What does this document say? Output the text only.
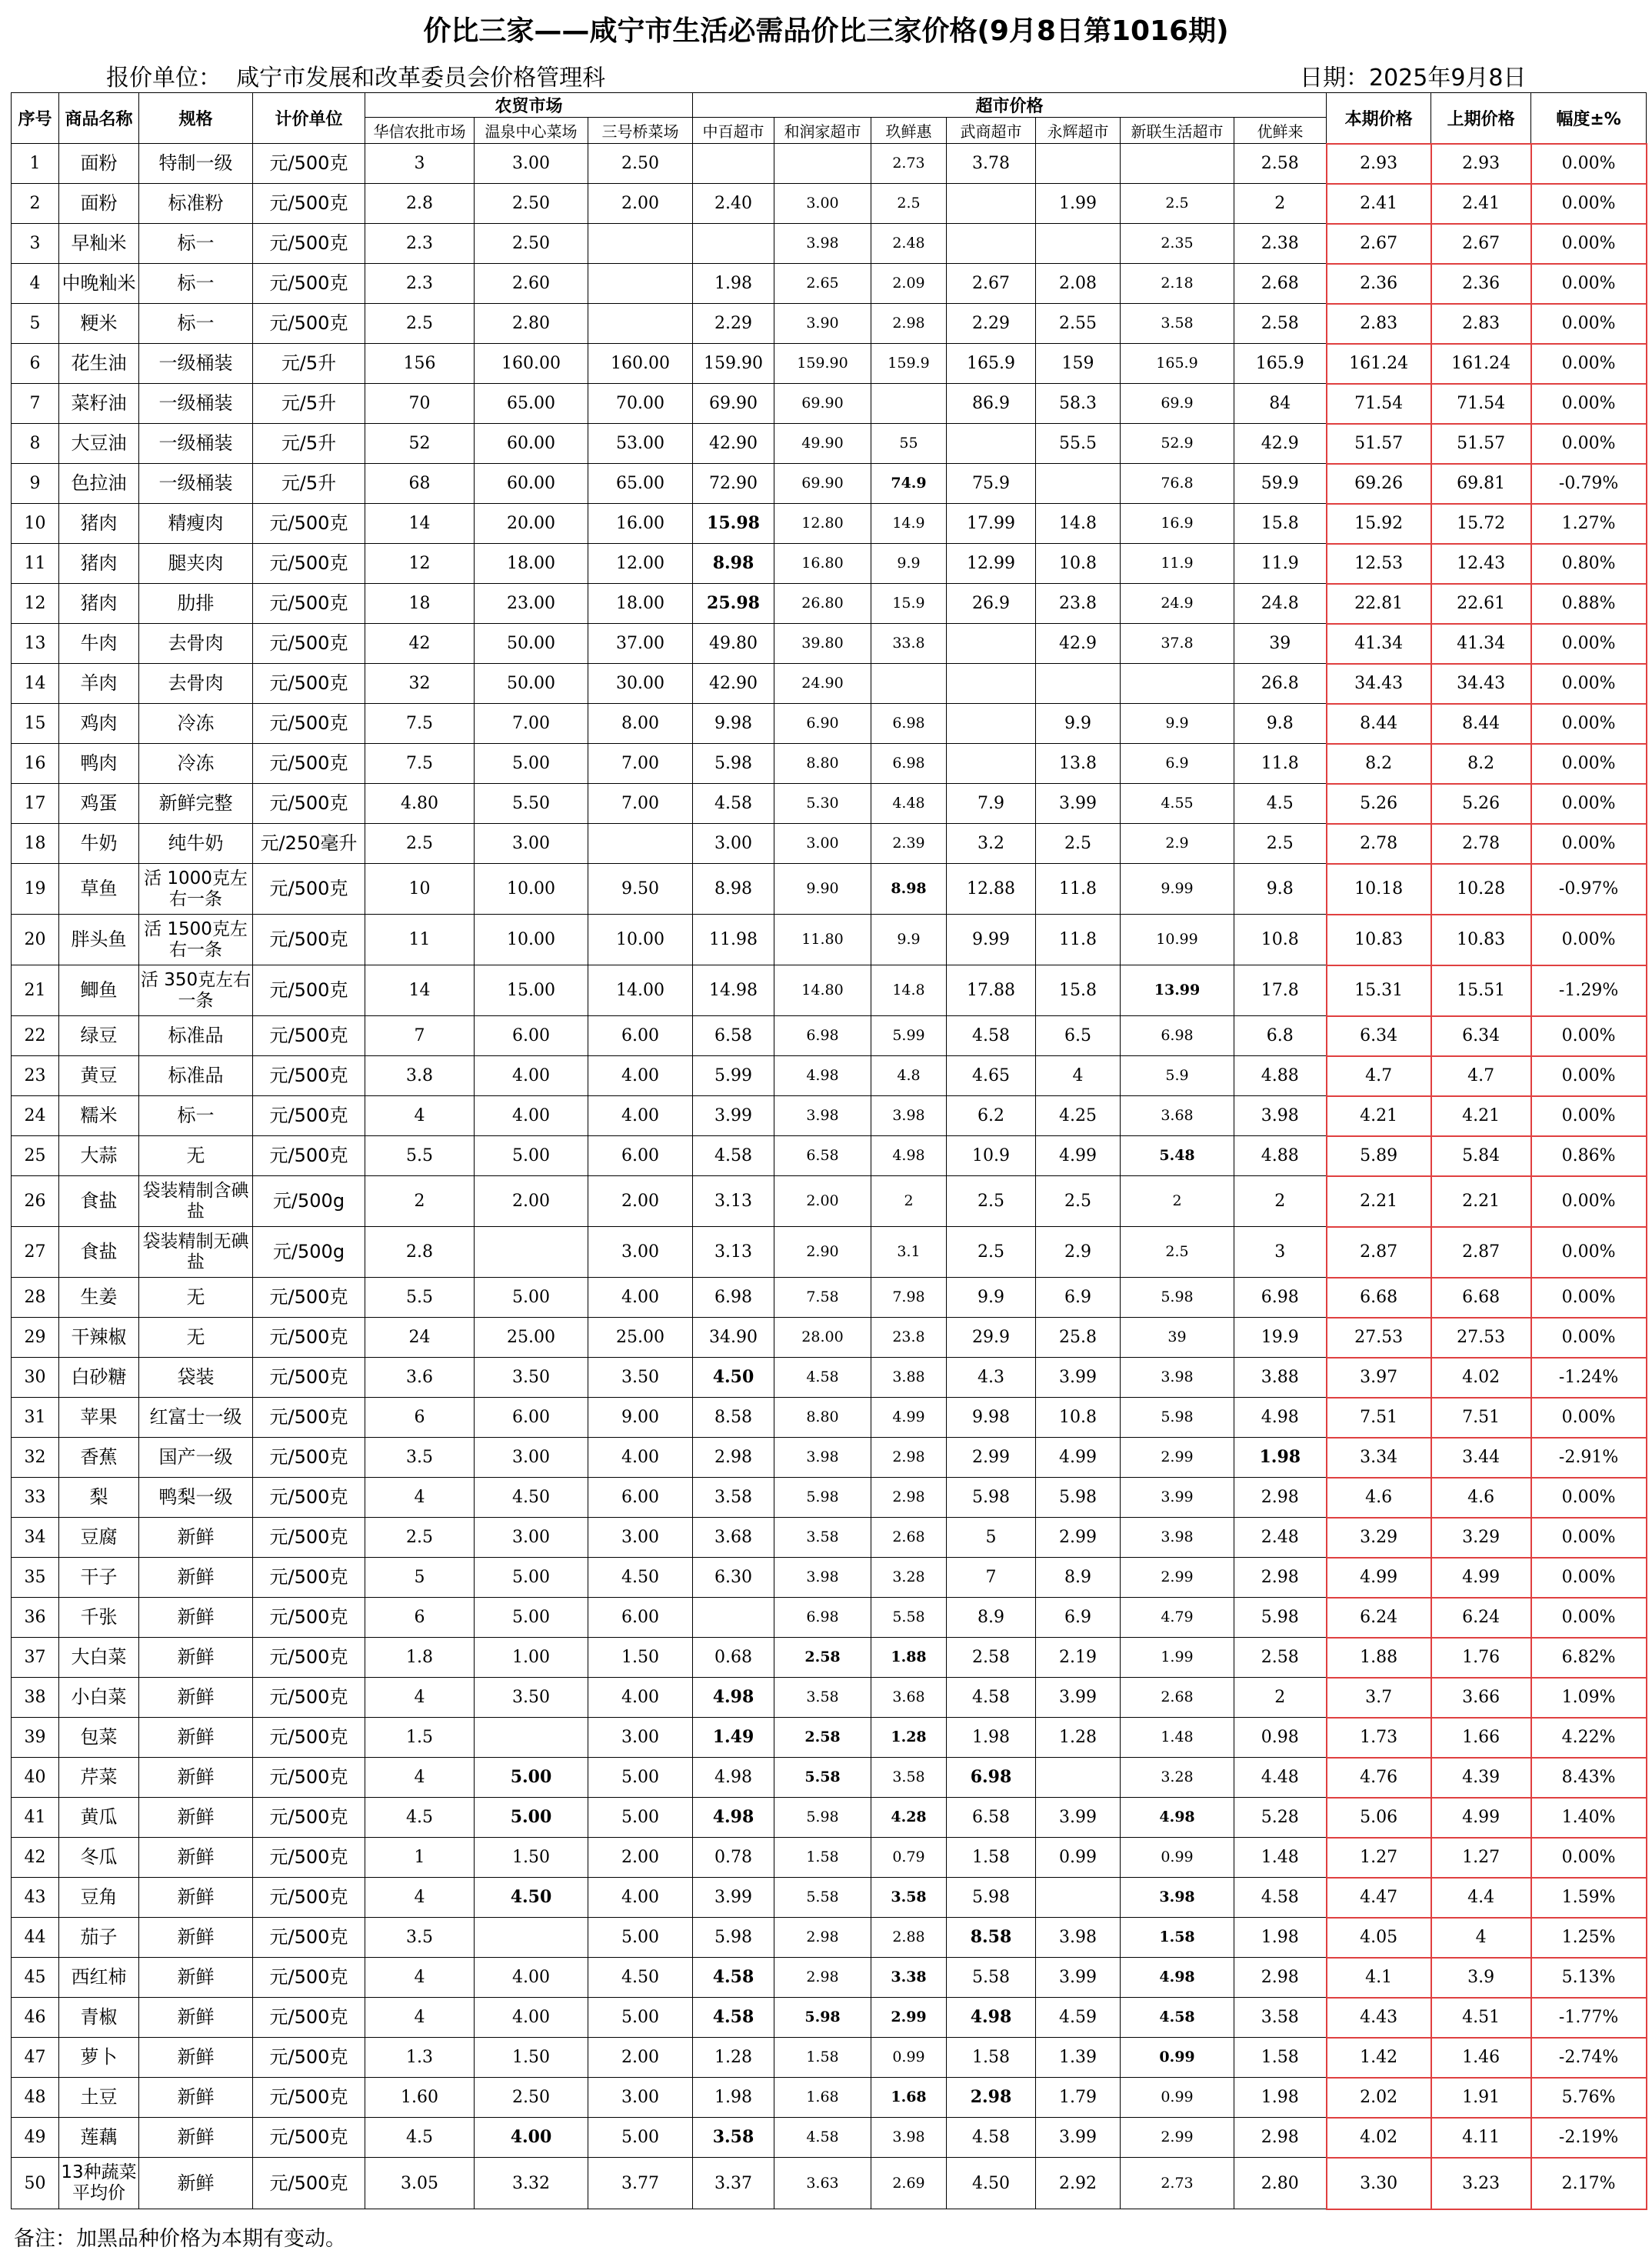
价比三家——咸宁市生活必需品价比三家价格(9月8日第1016期)
报价单位：  咸宁市发展和改革委员会价格管理科	日期：2025年9月8日
序号	商品名称	规格	计价单位	农贸市场			超市价格							本期价格	上期价格	幅度±%
				华信农批市场	温泉中心菜场	三号桥菜场	中百超市	和润家超市	玖鲜惠	武商超市	永辉超市	新联生活超市	优鲜来			
1	面粉	特制一级	元/500克	3	3.00	2.50			2.73	3.78			2.58	2.93	2.93	0.00%
2	面粉	标准粉	元/500克	2.8	2.50	2.00	2.40	3.00	2.5		1.99	2.5	2	2.41	2.41	0.00%
3	早籼米	标一	元/500克	2.3	2.50			3.98	2.48			2.35	2.38	2.67	2.67	0.00%
4	中晚籼米	标一	元/500克	2.3	2.60		1.98	2.65	2.09	2.67	2.08	2.18	2.68	2.36	2.36	0.00%
5	粳米	标一	元/500克	2.5	2.80		2.29	3.90	2.98	2.29	2.55	3.58	2.58	2.83	2.83	0.00%
6	花生油	一级桶装	元/5升	156	160.00	160.00	159.90	159.90	159.9	165.9	159	165.9	165.9	161.24	161.24	0.00%
7	菜籽油	一级桶装	元/5升	70	65.00	70.00	69.90	69.90		86.9	58.3	69.9	84	71.54	71.54	0.00%
8	大豆油	一级桶装	元/5升	52	60.00	53.00	42.90	49.90	55		55.5	52.9	42.9	51.57	51.57	0.00%
9	色拉油	一级桶装	元/5升	68	60.00	65.00	72.90	69.90	74.9	75.9		76.8	59.9	69.26	69.81	-0.79%
10	猪肉	精瘦肉	元/500克	14	20.00	16.00	15.98	12.80	14.9	17.99	14.8	16.9	15.8	15.92	15.72	1.27%
11	猪肉	腿夹肉	元/500克	12	18.00	12.00	8.98	16.80	9.9	12.99	10.8	11.9	11.9	12.53	12.43	0.80%
12	猪肉	肋排	元/500克	18	23.00	18.00	25.98	26.80	15.9	26.9	23.8	24.9	24.8	22.81	22.61	0.88%
13	牛肉	去骨肉	元/500克	42	50.00	37.00	49.80	39.80	33.8		42.9	37.8	39	41.34	41.34	0.00%
14	羊肉	去骨肉	元/500克	32	50.00	30.00	42.90	24.90					26.8	34.43	34.43	0.00%
15	鸡肉	冷冻	元/500克	7.5	7.00	8.00	9.98	6.90	6.98		9.9	9.9	9.8	8.44	8.44	0.00%
16	鸭肉	冷冻	元/500克	7.5	5.00	7.00	5.98	8.80	6.98		13.8	6.9	11.8	8.2	8.2	0.00%
17	鸡蛋	新鲜完整	元/500克	4.80	5.50	7.00	4.58	5.30	4.48	7.9	3.99	4.55	4.5	5.26	5.26	0.00%
18	牛奶	纯牛奶	元/250毫升	2.5	3.00		3.00	3.00	2.39	3.2	2.5	2.9	2.5	2.78	2.78	0.00%
19	草鱼	活 1000克左右一条	元/500克	10	10.00	9.50	8.98	9.90	8.98	12.88	11.8	9.99	9.8	10.18	10.28	-0.97%
20	胖头鱼	活 1500克左右一条	元/500克	11	10.00	10.00	11.98	11.80	9.9	9.99	11.8	10.99	10.8	10.83	10.83	0.00%
21	鲫鱼	活 350克左右一条	元/500克	14	15.00	14.00	14.98	14.80	14.8	17.88	15.8	13.99	17.8	15.31	15.51	-1.29%
22	绿豆	标准品	元/500克	7	6.00	6.00	6.58	6.98	5.99	4.58	6.5	6.98	6.8	6.34	6.34	0.00%
23	黄豆	标准品	元/500克	3.8	4.00	4.00	5.99	4.98	4.8	4.65	4	5.9	4.88	4.7	4.7	0.00%
24	糯米	标一	元/500克	4	4.00	4.00	3.99	3.98	3.98	6.2	4.25	3.68	3.98	4.21	4.21	0.00%
25	大蒜	无	元/500克	5.5	5.00	6.00	4.58	6.58	4.98	10.9	4.99	5.48	4.88	5.89	5.84	0.86%
26	食盐	袋装精制含碘盐	元/500g	2	2.00	2.00	3.13	2.00	2	2.5	2.5	2	2	2.21	2.21	0.00%
27	食盐	袋装精制无碘盐	元/500g	2.8		3.00	3.13	2.90	3.1	2.5	2.9	2.5	3	2.87	2.87	0.00%
28	生姜	无	元/500克	5.5	5.00	4.00	6.98	7.58	7.98	9.9	6.9	5.98	6.98	6.68	6.68	0.00%
29	干辣椒	无	元/500克	24	25.00	25.00	34.90	28.00	23.8	29.9	25.8	39	19.9	27.53	27.53	0.00%
30	白砂糖	袋装	元/500克	3.6	3.50	3.50	4.50	4.58	3.88	4.3	3.99	3.98	3.88	3.97	4.02	-1.24%
31	苹果	红富士一级	元/500克	6	6.00	9.00	8.58	8.80	4.99	9.98	10.8	5.98	4.98	7.51	7.51	0.00%
32	香蕉	国产一级	元/500克	3.5	3.00	4.00	2.98	3.98	2.98	2.99	4.99	2.99	1.98	3.34	3.44	-2.91%
33	梨	鸭梨一级	元/500克	4	4.50	6.00	3.58	5.98	2.98	5.98	5.98	3.99	2.98	4.6	4.6	0.00%
34	豆腐	新鲜	元/500克	2.5	3.00	3.00	3.68	3.58	2.68	5	2.99	3.98	2.48	3.29	3.29	0.00%
35	干子	新鲜	元/500克	5	5.00	4.50	6.30	3.98	3.28	7	8.9	2.99	2.98	4.99	4.99	0.00%
36	千张	新鲜	元/500克	6	5.00	6.00		6.98	5.58	8.9	6.9	4.79	5.98	6.24	6.24	0.00%
37	大白菜	新鲜	元/500克	1.8	1.00	1.50	0.68	2.58	1.88	2.58	2.19	1.99	2.58	1.88	1.76	6.82%
38	小白菜	新鲜	元/500克	4	3.50	4.00	4.98	3.58	3.68	4.58	3.99	2.68	2	3.7	3.66	1.09%
39	包菜	新鲜	元/500克	1.5		3.00	1.49	2.58	1.28	1.98	1.28	1.48	0.98	1.73	1.66	4.22%
40	芹菜	新鲜	元/500克	4	5.00	5.00	4.98	5.58	3.58	6.98		3.28	4.48	4.76	4.39	8.43%
41	黄瓜	新鲜	元/500克	4.5	5.00	5.00	4.98	5.98	4.28	6.58	3.99	4.98	5.28	5.06	4.99	1.40%
42	冬瓜	新鲜	元/500克	1	1.50	2.00	0.78	1.58	0.79	1.58	0.99	0.99	1.48	1.27	1.27	0.00%
43	豆角	新鲜	元/500克	4	4.50	4.00	3.99	5.58	3.58	5.98		3.98	4.58	4.47	4.4	1.59%
44	茄子	新鲜	元/500克	3.5		5.00	5.98	2.98	2.88	8.58	3.98	1.58	1.98	4.05	4	1.25%
45	西红柿	新鲜	元/500克	4	4.00	4.50	4.58	2.98	3.38	5.58	3.99	4.98	2.98	4.1	3.9	5.13%
46	青椒	新鲜	元/500克	4	4.00	5.00	4.58	5.98	2.99	4.98	4.59	4.58	3.58	4.43	4.51	-1.77%
47	萝卜	新鲜	元/500克	1.3	1.50	2.00	1.28	1.58	0.99	1.58	1.39	0.99	1.58	1.42	1.46	-2.74%
48	土豆	新鲜	元/500克	1.60	2.50	3.00	1.98	1.68	1.68	2.98	1.79	0.99	1.98	2.02	1.91	5.76%
49	莲藕	新鲜	元/500克	4.5	4.00	5.00	3.58	4.58	3.98	4.58	3.99	2.99	2.98	4.02	4.11	-2.19%
50	13种蔬菜平均价	新鲜	元/500克	3.05	3.32	3.77	3.37	3.63	2.69	4.50	2.92	2.73	2.80	3.30	3.23	2.17%
备注：加黑品种价格为本期有变动。
